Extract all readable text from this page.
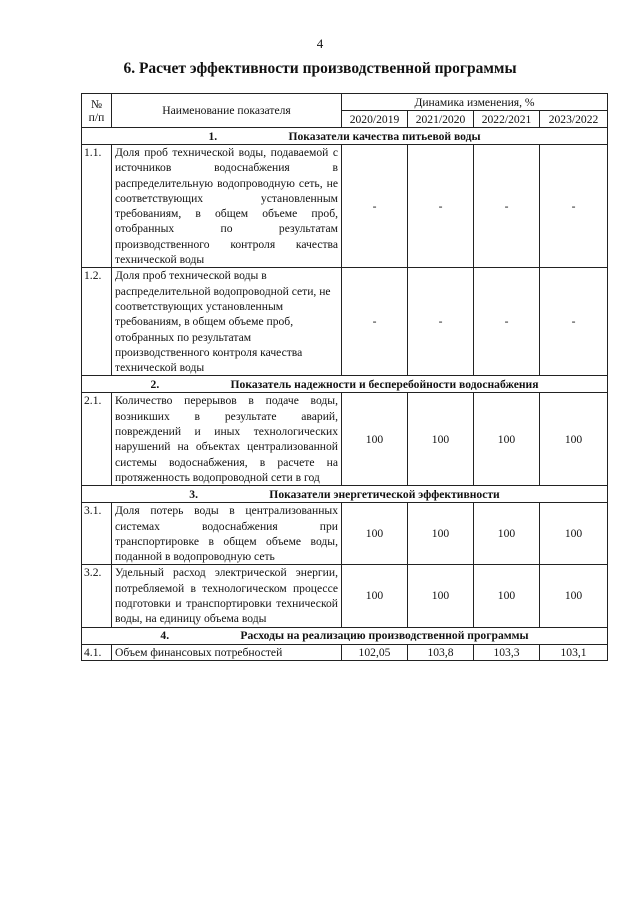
4
6. Расчет эффективности производственной программы
№ п/п	Наименование показателя	Динамика изменения, %			
		2020/2019	2021/2020	2022/2021	2023/2022
1. Показатели качества питьевой воды					
1.1.	Доля проб технической воды, подаваемой с источников водоснабжения в распределительную водопроводную сеть, не соответствующих установленным требованиям, в общем объеме проб, отобранных по результатам производственного контроля качества технической воды	-	-	-	-
1.2.	Доля проб технической воды в распределительной водопроводной сети, не соответствующих установленным требованиям, в общем объеме проб, отобранных по результатам производственного контроля качества технической воды	-	-	-	-
2. Показатель надежности и бесперебойности водоснабжения					
2.1.	Количество перерывов в подаче воды, возникших в результате аварий, повреждений и иных технологических нарушений на объектах централизованной системы водоснабжения, в расчете на протяженность водопроводной сети в год	100	100	100	100
3. Показатели энергетической эффективности					
3.1.	Доля потерь воды в централизованных системах водоснабжения при транспортировке в общем объеме воды, поданной в водопроводную сеть	100	100	100	100
3.2.	Удельный расход электрической энергии, потребляемой в технологическом процессе подготовки и транспортировки технической воды, на единицу объема воды	100	100	100	100
4. Расходы на реализацию производственной программы					
4.1.	Объем финансовых потребностей	102,05	103,8	103,3	103,1
